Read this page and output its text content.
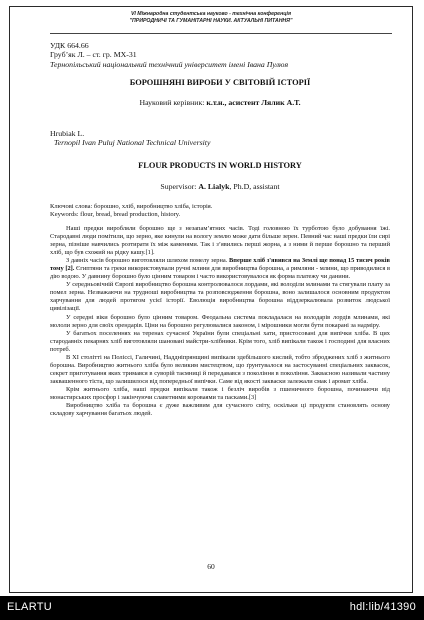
VI Міжнародна студентська науково - технічна конференція
"ПРИРОДНИЧІ ТА ГУМАНІТАРНІ НАУКИ. АКТУАЛЬНІ ПИТАННЯ"
УДК 664.66
Груб’як Л. – ст. гр. МХ-31
Тернопільський національний технічний університет імені Івана Пулюя
БОРОШНЯНІ ВИРОБИ У СВІТОВІЙ ІСТОРІЇ
Науковий керівник: к.т.н., асистент Лялик А.Т.
Hrubiak L.
Ternopil Ivan Puluj National Technical University
FLOUR PRODUCTS IN WORLD HISTORY
Supervisor: A. Lialyk, Ph.D, assistant
Ключові слова: борошно, хліб, виробництво хліба, історія.
Keywords: flour, bread, bread production, history.

Наші предки виробляли борошно ще з незапам’ятних часів. Тоді головною їх турботою було добування їжі. Стародавні люди помітили, що зерно, яке кинули на вологу землю може дати більше зерен. Певний час наші предки їли сирі зерна, пізніше навчились розтирати їх між каменями. Так і з’явились перші жорна, а з ними й перше борошно та перший хліб, що був схожий на рідку кашу.[1].

З давніх часів борошно виготовляли шляхом помелу зерна. Вперше хліб з'явився на Землі ще понад 15 тисяч років тому [2]. Єгиптяни та греки використовували ручні млини для виробництва борошна, а римляни - млини, що приводилися в дію водою. У давнину борошно було цінним товаром і часто використовувалося як форма платежу чи данини.

У середньовічній Європі виробництво борошна контролювалося лордами, які володіли млинами та стягували плату за помел зерна. Незважаючи на трудноші виробництва та розповсюдження борошна, воно залишалося основним продуктом харчування для людей протягом усієї історії. Еволюція виробництва борошна віддзеркалювала розвиток людської цивілізації.

У середні віки борошно було цінним товаром. Феодальна система покладалася на володарів лордів млинами, які мололи зерно для своїх орендарів. Ціни на борошно регулювалися законом, і мірошники могли бути покарані за надміру.

У багатьох поселеннях на теренах сучасної України були спеціальні хати, пристосовані для випічки хліба. В цих стародавніх пекарнях хліб виготовляли шановані майстри-хлібники. Крім того, хліб випікали також і господині для власних потреб.

В XI столітті на Поліссі, Галичині, Наддніпрянщині випікали здебільшого кислий, тобто зброджених хліб з житнього борошна. Виробництво житнього хліба було великим мистецтвом, що ґрунтувалося на застосуванні спеціальних заквасок, секрет приготування яких тримався в суворій таємниці й передавався з покоління в покоління. Заквасною називали частину заквашенного тіста, що залишилося від попередньої випічки. Саме від якості закваски залежали смак і аромат хліба.

Крім житнього хліба, наші предки випікали також і безліч виробів з пшеничного борошна, починаючи від монастирських просфор і закінчуючи славетними короваями та пасками.[3]

Виробництво хліба та борошна є дуже важливим для сучасного світу, оскільки ці продукти становлять основу складову харчування багатьох людей.

60
ELARTU	hdl:lib/41390
